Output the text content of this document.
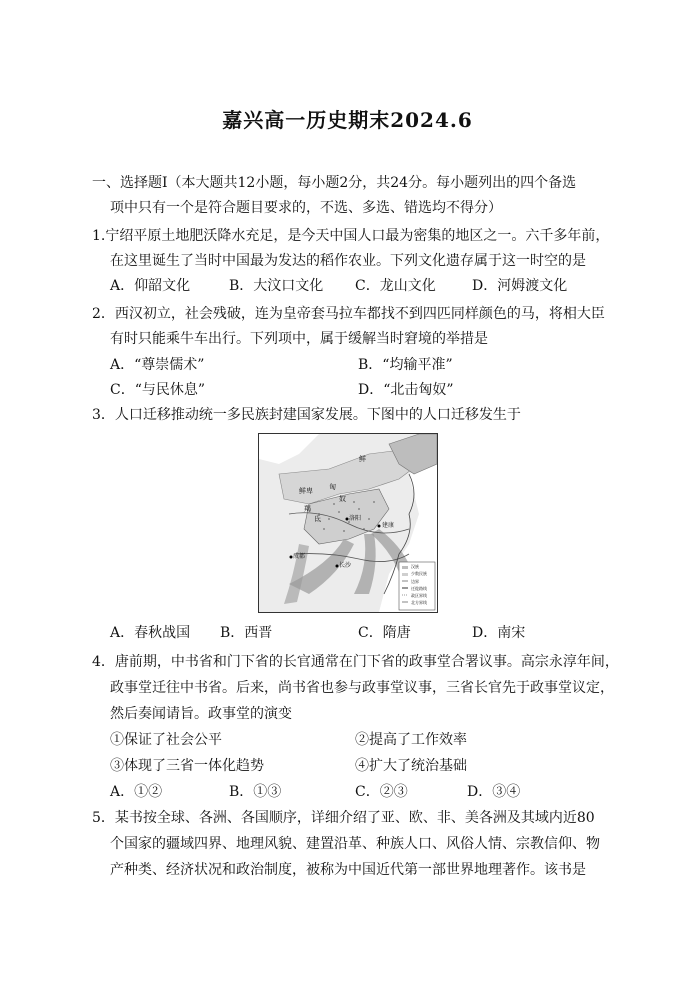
嘉兴高一历史期末2024.6
一、选择题Ⅰ（本大题共12小题，每小题2分，共24分。每小题列出的四个备选
项中只有一个是符合题目要求的，不选、多选、错选均不得分）
1.宁绍平原土地肥沃降水充足，是今天中国人口最为密集的地区之一。六千多年前，
在这里诞生了当时中国最为发达的稻作农业。下列文化遗存属于这一时空的是
A．仰韶文化	B．大汶口文化 C．龙山文化	D．河姆渡文化
2．西汉初立，社会残破，连为皇帝套马拉车都找不到四匹同样颜色的马，将相大臣
有时只能乘牛车出行。下列项中，属于缓解当时窘境的举措是
A．“尊崇儒术”	B．“均输平准”
C．“与民休息”	D．“北击匈奴”
3．人口迁移推动统一多民族封建国家发展。下图中的人口迁移发生于
鲜
鲜卑 匈
奴
羯
氐	洛阳
建康
成都
长沙	汉族
少数民族
边界
迁徙路线
政区界线
北方界线
A．春秋战国 B．西晋	C．隋唐	D．南宋
4．唐前期，中书省和门下省的长官通常在门下省的政事堂合署议事。高宗永淳年间，
政事堂迁往中书省。后来，尚书省也参与政事堂议事，三省长官先于政事堂议定，
然后奏闻请旨。政事堂的演变
①保证了社会公平	②提高了工作效率
③体现了三省一体化趋势	④扩大了统治基础
A．①②	B．①③	C．②③	D．③④
5．某书按全球、各洲、各国顺序，详细介绍了亚、欧、非、美各洲及其域内近80
个国家的疆域四界、地理风貌、建置沿革、种族人口、风俗人情、宗教信仰、物
产种类、经济状况和政治制度，被称为中国近代第一部世界地理著作。该书是
